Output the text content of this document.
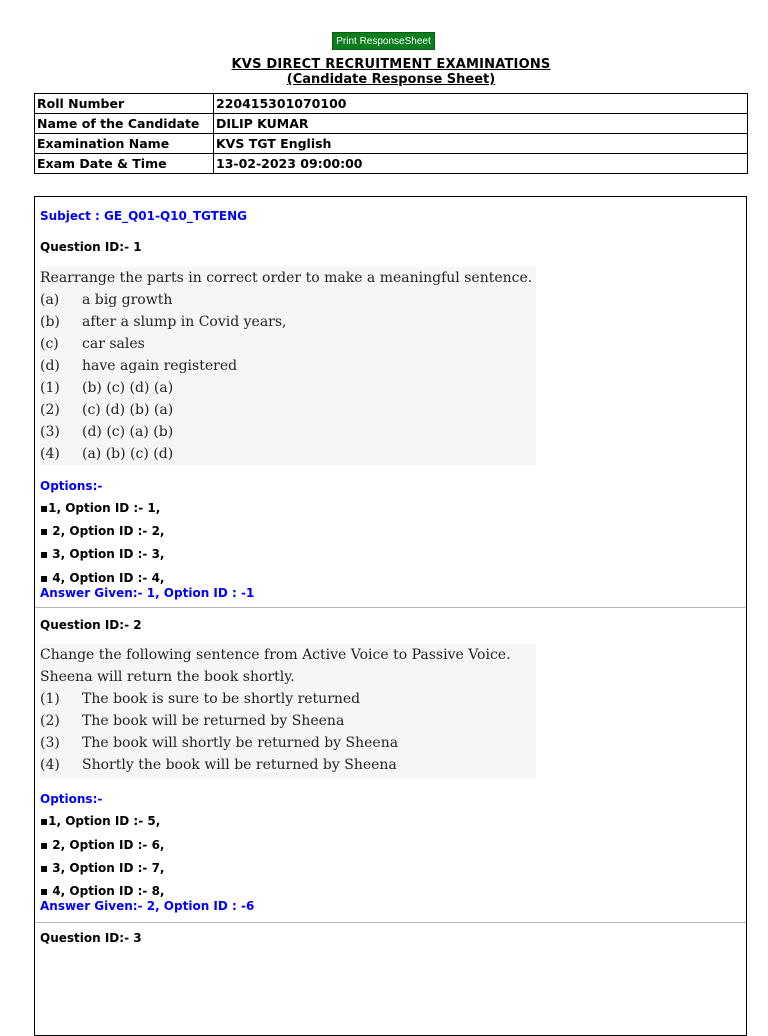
Print ResponseSheet
KVS DIRECT RECRUITMENT EXAMINATIONS
(Candidate Response Sheet)
Roll Number	220415301070100
Name of the Candidate	DILIP KUMAR
Examination Name	KVS TGT English
Exam Date & Time	13-02-2023 09:00:00
Subject : GE_Q01-Q10_TGTENG
Question ID:- 1
Rearrange the parts in correct order to make a meaningful sentence.
(a) a big growth
(b) after a slump in Covid years,
(c) car sales
(d) have again registered
(1) (b) (c) (d) (a)
(2) (c) (d) (b) (a)
(3) (d) (c) (a) (b)
(4) (a) (b) (c) (d)
Options:-
▪1, Option ID :- 1,
▪ 2, Option ID :- 2,
▪ 3, Option ID :- 3,
▪ 4, Option ID :- 4,
Answer Given:- 1, Option ID : -1
Question ID:- 2
Change the following sentence from Active Voice to Passive Voice.
Sheena will return the book shortly.
(1) The book is sure to be shortly returned
(2) The book will be returned by Sheena
(3) The book will shortly be returned by Sheena
(4) Shortly the book will be returned by Sheena
Options:-
▪1, Option ID :- 5,
▪ 2, Option ID :- 6,
▪ 3, Option ID :- 7,
▪ 4, Option ID :- 8,
Answer Given:- 2, Option ID : -6
Question ID:- 3
